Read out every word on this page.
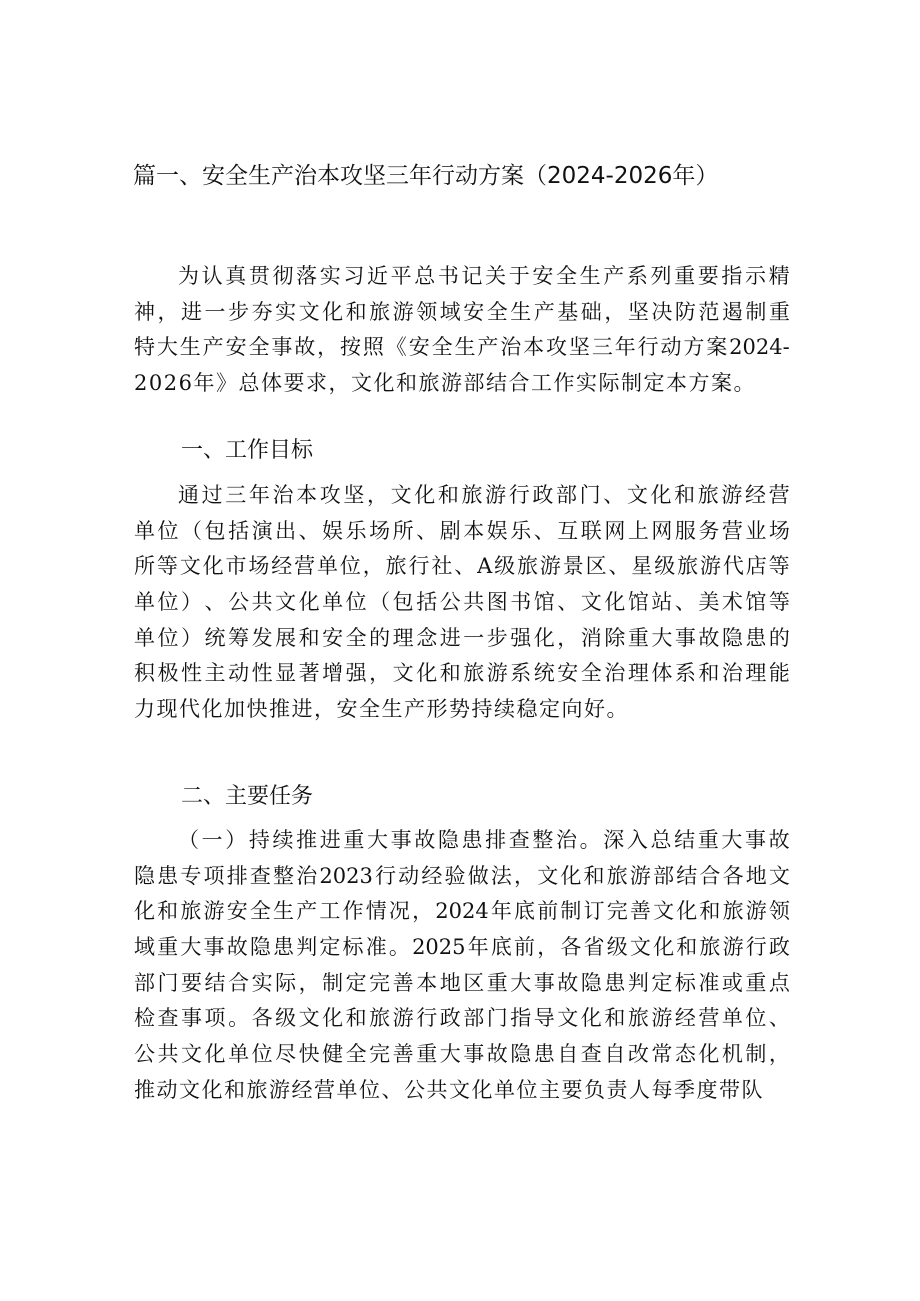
篇一、安全生产治本攻坚三年行动方案（2024-2026年）
为 认 真 贯 彻 落 实 习 近 平 总 书 记 关 于 安 全 生 产 系 列 重 要 指 示 精
神 ， 进 一 步 夯 实 文 化 和 旅 游 领 域 安 全 生 产 基 础 ， 坚 决 防 范 遏 制 重
特 大 生 产 安 全 事 故 ， 按 照 《 安 全 生 产 治 本 攻 坚 三 年 行 动 方 案 2024-
2026年》总体要求，文化和旅游部结合工作实际制定本方案。
一、工作目标
通 过 三 年 治 本 攻 坚 ， 文 化 和 旅 游 行 政 部 门 、 文 化 和 旅 游 经 营
单 位 （ 包 括 演 出 、 娱 乐 场 所 、 剧 本 娱 乐 、 互 联 网 上 网 服 务 营 业 场
所 等 文 化 市 场 经 营 单 位 ， 旅 行 社 、 A 级 旅 游 景 区 、 星 级 旅 游 代 店 等
单 位 ） 、 公 共 文 化 单 位 （ 包 括 公 共 图 书 馆 、 文 化 馆 站 、 美 术 馆 等
单 位 ） 统 筹 发 展 和 安 全 的 理 念 进 一 步 强 化 ， 消 除 重 大 事 故 隐 患 的
积 极 性 主 动 性 显 著 增 强 ， 文 化 和 旅 游 系 统 安 全 治 理 体 系 和 治 理 能
力现代化加快推进，安全生产形势持续稳定向好。
二、主要任务
（ 一 ） 持 续 推 进 重 大 事 故 隐 患 排 查 整 治 。 深 入 总 结 重 大 事 故
隐 患 专 项 排 查 整 治 2023 行 动 经 验 做 法 ， 文 化 和 旅 游 部 结 合 各 地 文
化 和 旅 游 安 全 生 产 工 作 情 况 ， 2024 年 底 前 制 订 完 善 文 化 和 旅 游 领
域 重 大 事 故 隐 患 判 定 标 准 。 2025 年 底 前 ， 各 省 级 文 化 和 旅 游 行 政
部 门 要 结 合 实 际 ， 制 定 完 善 本 地 区 重 大 事 故 隐 患 判 定 标 准 或 重 点
检 查 事 项 。 各 级 文 化 和 旅 游 行 政 部 门 指 导 文 化 和 旅 游 经 营 单 位 、
公 共 文 化 单 位 尽 快 健 全 完 善 重 大 事 故 隐 患 自 查 自 改 常 态 化 机 制 ，
推动文化和旅游经营单位、公共文化单位主要负责人每季度带队
